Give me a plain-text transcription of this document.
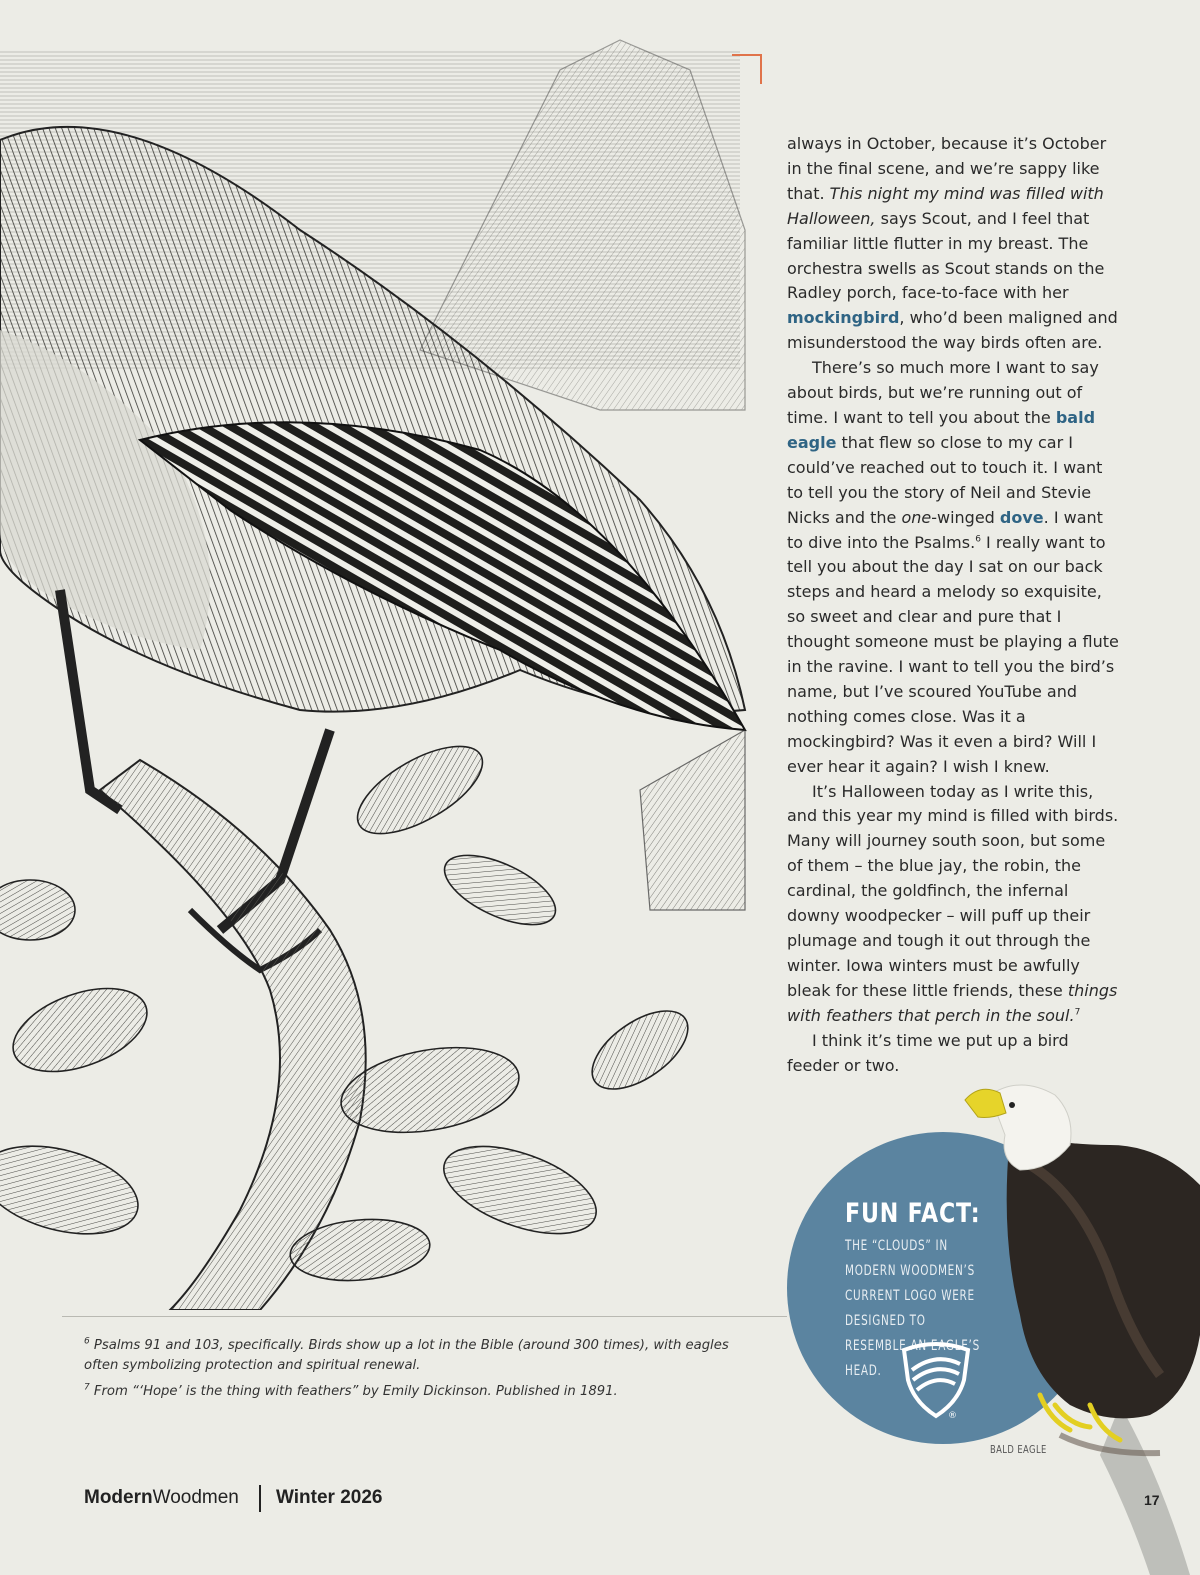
always in October, because it’s October in the final scene, and we’re sappy like that. This night my mind was filled with Halloween, says Scout, and I feel that familiar little flutter in my breast. The orchestra swells as Scout stands on the Radley porch, face-to-face with her mockingbird, who’d been maligned and misunderstood the way birds often are.

There’s so much more I want to say about birds, but we’re running out of time. I want to tell you about the bald eagle that flew so close to my car I could’ve reached out to touch it. I want to tell you the story of Neil and Stevie Nicks and the one-winged dove. I want to dive into the Psalms.$^6$ I really want to tell you about the day I sat on our back steps and heard a melody so exquisite, so sweet and clear and pure that I thought someone must be playing a flute in the ravine. I want to tell you the bird’s name, but I’ve scoured YouTube and nothing comes close. Was it a mockingbird? Was it even a bird? Will I ever hear it again? I wish I knew.

It’s Halloween today as I write this, and this year my mind is filled with birds. Many will journey south soon, but some of them – the blue jay, the robin, the cardinal, the goldfinch, the infernal downy woodpecker – will puff up their plumage and tough it out through the winter. Iowa winters must be awfully bleak for these little friends, these things with feathers that perch in the soul.$^7$

I think it’s time we put up a bird feeder or two.

$^6$ Psalms 91 and 103, specifically. Birds show up a lot in the Bible (around 300 times), with eagles often symbolizing protection and spiritual renewal.

$^7$ From “‘Hope’ is the thing with feathers” by Emily Dickinson. Published in 1891.

FUN FACT:
THE “CLOUDS” IN MODERN WOODMEN’S CURRENT LOGO WERE DESIGNED TO RESEMBLE AN EAGLE’S HEAD.
®
BALD EAGLE
ModernWoodmen Winter 2026	17
